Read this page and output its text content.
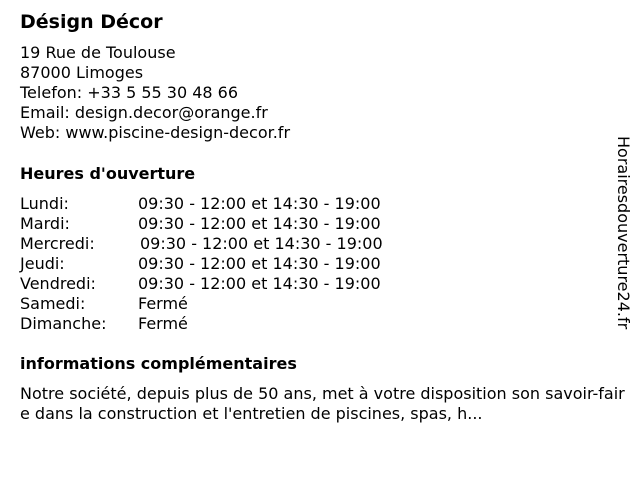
Désign Décor
19 Rue de Toulouse
87000 Limoges
Telefon: +33 5 55 30 48 66
Email: design.decor@orange.fr
Web: www.piscine-design-decor.fr
Heures d'ouverture
Lundi:	09:30 - 12:00 et 14:30 - 19:00
Mardi:	09:30 - 12:00 et 14:30 - 19:00
Mercredi:	09:30 - 12:00 et 14:30 - 19:00
Jeudi:	09:30 - 12:00 et 14:30 - 19:00
Vendredi:	09:30 - 12:00 et 14:30 - 19:00
Samedi:	Fermé
Dimanche: Fermé
informations complémentaires

Notre société, depuis plus de 50 ans, met à votre disposition son savoir-faire dans la construction et l'entretien de piscines, spas, h...

Horairesdouverture24.fr
